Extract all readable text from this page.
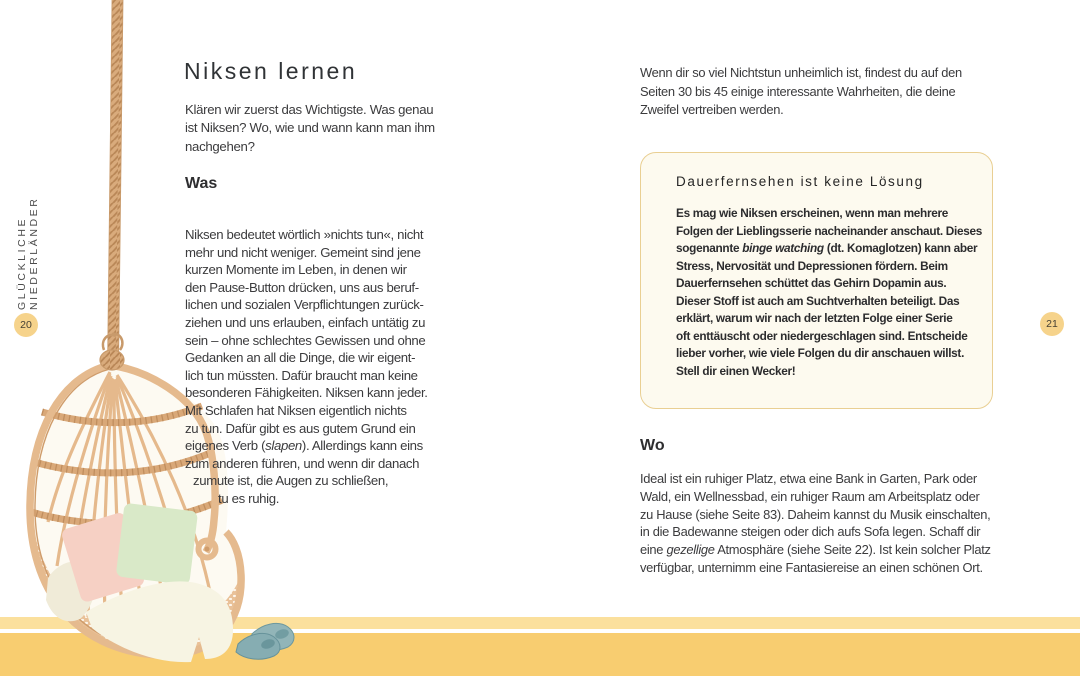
GLÜCKLICHE NIEDERLÄNDER
20	21
Niksen lernen
Klären wir zuerst das Wichtigste. Was genau
ist Niksen? Wo, wie und wann kann man ihm
nachgehen?
Was
Niksen bedeutet wörtlich »nichts tun«, nicht
mehr und nicht weniger. Gemeint sind jene
kurzen Momente im Leben, in denen wir
den Pause-Button drücken, uns aus beruf-
lichen und sozialen Verpflichtungen zurück-
ziehen und uns erlauben, einfach untätig zu
sein – ohne schlechtes Gewissen und ohne
Gedanken an all die Dinge, die wir eigent-
lich tun müssten. Dafür braucht man keine
besonderen Fähigkeiten. Niksen kann jeder.
Mit Schlafen hat Niksen eigentlich nichts
zu tun. Dafür gibt es aus gutem Grund ein
eigenes Verb (slapen). Allerdings kann eins
zum anderen führen, und wenn dir danach
zumute ist, die Augen zu schließen,
tu es ruhig.
Wenn dir so viel Nichtstun unheimlich ist, findest du auf den
Seiten 30 bis 45 einige interessante Wahrheiten, die deine
Zweifel vertreiben werden.
Dauerfernsehen ist keine Lösung
Es mag wie Niksen erscheinen, wenn man mehrere
Folgen der Lieblingsserie nacheinander anschaut. Dieses
sogenannte binge watching (dt. Komaglotzen) kann aber
Stress, Nervosität und Depressionen fördern. Beim
Dauerfernsehen schüttet das Gehirn Dopamin aus.
Dieser Stoff ist auch am Suchtverhalten beteiligt. Das
erklärt, warum wir nach der letzten Folge einer Serie
oft enttäuscht oder niedergeschlagen sind. Entscheide
lieber vorher, wie viele Folgen du dir anschauen willst.
Stell dir einen Wecker!
Wo
Ideal ist ein ruhiger Platz, etwa eine Bank in Garten, Park oder
Wald, ein Wellnessbad, ein ruhiger Raum am Arbeitsplatz oder
zu Hause (siehe Seite 83). Daheim kannst du Musik einschalten,
in die Badewanne steigen oder dich aufs Sofa legen. Schaff dir
eine gezellige Atmosphäre (siehe Seite 22). Ist kein solcher Platz
verfügbar, unternimm eine Fantasiereise an einen schönen Ort.
